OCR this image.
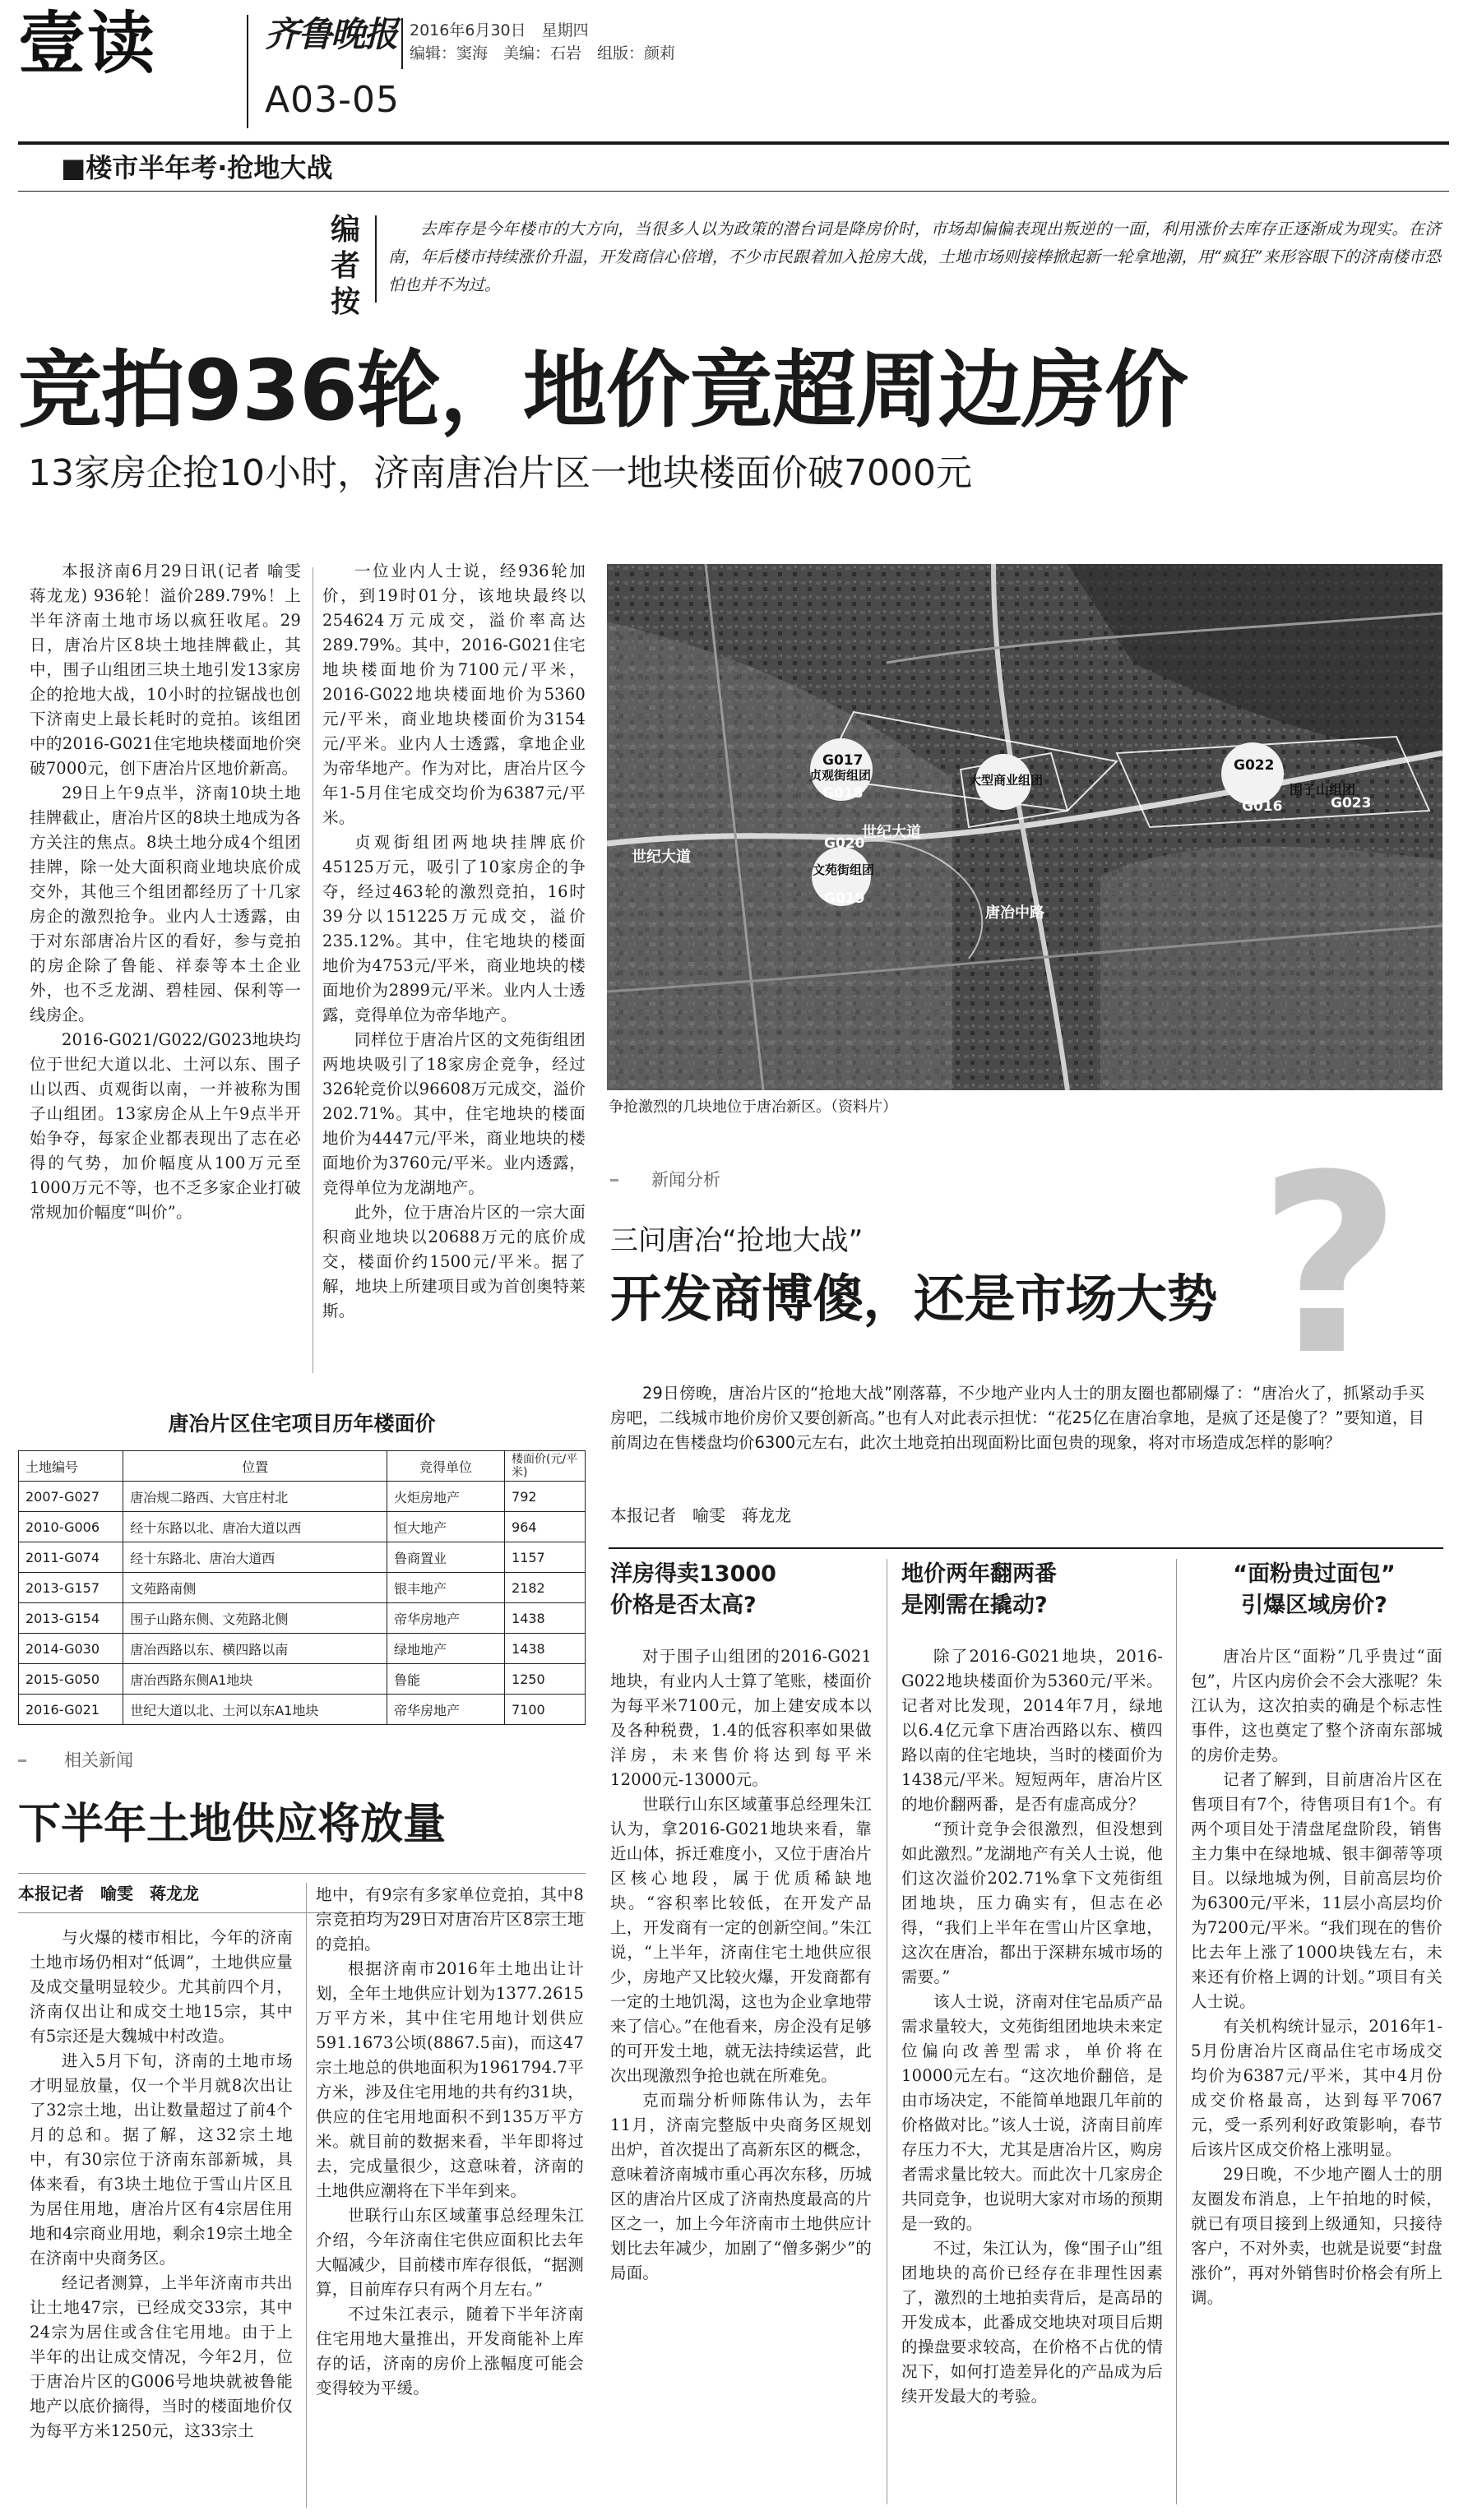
壹读	齐鲁晚报
A03-05
2016年6月30日　星期四
编辑：窦海　美编：石岩　组版：颜莉
■楼市半年考·抢地大战
编
者
按
去库存是今年楼市的大方向，当很多人以为政策的潜台词是降房价时，市场却偏偏表现出叛逆的一面，利用涨价去库存正逐渐成为现实。在济南，年后楼市持续涨价升温，开发商信心倍增，不少市民跟着加入抢房大战，土地市场则接棒掀起新一轮拿地潮，用“疯狂”来形容眼下的济南楼市恐怕也并不为过。
竞拍936轮，地价竟超周边房价
13家房企抢10小时，济南唐冶片区一地块楼面价破7000元

本报济南6月29日讯(记者 喻雯 蒋龙龙) 936轮！溢价289.79%！上半年济南土地市场以疯狂收尾。29日，唐冶片区8块土地挂牌截止，其中，围子山组团三块土地引发13家房企的抢地大战，10小时的拉锯战也创下济南史上最长耗时的竞拍。该组团中的2016-G021住宅地块楼面地价突破7000元，创下唐冶片区地价新高。

29日上午9点半，济南10块土地挂牌截止，唐冶片区的8块土地成为各方关注的焦点。8块土地分成4个组团挂牌，除一处大面积商业地块底价成交外，其他三个组团都经历了十几家房企的激烈抢争。业内人士透露，由于对东部唐冶片区的看好，参与竞拍的房企除了鲁能、祥泰等本土企业外，也不乏龙湖、碧桂园、保利等一线房企。

2016-G021/G022/G023地块均位于世纪大道以北、土河以东、围子山以西、贞观街以南，一并被称为围子山组团。13家房企从上午9点半开始争夺，每家企业都表现出了志在必得的气势，加价幅度从100万元至1000万元不等，也不乏多家企业打破常规加价幅度“叫价”。

一位业内人士说，经936轮加价，到19时01分，该地块最终以254624万元成交，溢价率高达289.79%。其中，2016-G021住宅地块楼面地价为7100元/平米，2016-G022地块楼面地价为5360元/平米，商业地块楼面价为3154元/平米。业内人士透露，拿地企业为帝华地产。作为对比，唐冶片区今年1-5月住宅成交均价为6387元/平米。

贞观街组团两地块挂牌底价45125万元，吸引了10家房企的争夺，经过463轮的激烈竞拍，16时39分以151225万元成交，溢价235.12%。其中，住宅地块的楼面地价为4753元/平米，商业地块的楼面地价为2899元/平米。业内人士透露，竞得单位为帝华地产。

同样位于唐冶片区的文苑街组团两地块吸引了18家房企竞争，经过326轮竞价以96608万元成交，溢价202.71%。其中，住宅地块的楼面地价为4447元/平米，商业地块的楼面地价为3760元/平米。业内透露，竞得单位为龙湖地产。

此外，位于唐冶片区的一宗大面积商业地块以20688万元的底价成交，楼面价约1500元/平米。据了解，地块上所建项目或为首创奥特莱斯。

G017
G018
G022
G023
G016
G020
G019
世纪大道
唐冶中路
文苑街组团
大型商业组团
围子山组团
贞观街组团
世纪大道
争抢激烈的几块地位于唐冶新区。（资料片）
新闻分析 ?
三问唐冶“抢地大战”
开发商博傻，还是市场大势
29日傍晚，唐冶片区的“抢地大战”刚落幕，不少地产业内人士的朋友圈也都刷爆了：“唐冶火了，抓紧动手买房吧，二线城市地价房价又要创新高。”也有人对此表示担忧：“花25亿在唐冶拿地，是疯了还是傻了？”要知道，目前周边在售楼盘均价6300元左右，此次土地竞拍出现面粉比面包贵的现象，将对市场造成怎样的影响？
本报记者　喻雯　蒋龙龙
洋房得卖13000
价格是否太高?

对于围子山组团的2016-G021地块，有业内人士算了笔账，楼面价为每平米7100元，加上建安成本以及各种税费，1.4的低容积率如果做洋房，未来售价将达到每平米12000元-13000元。

世联行山东区域董事总经理朱江认为，拿2016-G021地块来看，靠近山体，拆迁难度小，又位于唐冶片区核心地段，属于优质稀缺地块。“容积率比较低，在开发产品上，开发商有一定的创新空间。”朱江说，“上半年，济南住宅土地供应很少，房地产又比较火爆，开发商都有一定的土地饥渴，这也为企业拿地带来了信心。”在他看来，房企没有足够的可开发土地，就无法持续运营，此次出现激烈争抢也就在所难免。

克而瑞分析师陈伟认为，去年11月，济南完整版中央商务区规划出炉，首次提出了高新东区的概念，意味着济南城市重心再次东移，历城区的唐冶片区成了济南热度最高的片区之一，加上今年济南市土地供应计划比去年减少，加剧了“僧多粥少”的局面。

地价两年翻两番
是刚需在撬动?

除了2016-G021地块，2016-G022地块楼面价为5360元/平米。记者对比发现，2014年7月，绿地以6.4亿元拿下唐冶西路以东、横四路以南的住宅地块，当时的楼面价为1438元/平米。短短两年，唐冶片区的地价翻两番，是否有虚高成分？

“预计竞争会很激烈，但没想到如此激烈。”龙湖地产有关人士说，他们这次溢价202.71%拿下文苑街组团地块，压力确实有，但志在必得，“我们上半年在雪山片区拿地，这次在唐冶，都出于深耕东城市场的需要。”

该人士说，济南对住宅品质产品需求量较大，文苑街组团地块未来定位偏向改善型需求，单价将在10000元左右。“这次地价翻倍，是由市场决定，不能简单地跟几年前的价格做对比。”该人士说，济南目前库存压力不大，尤其是唐冶片区，购房者需求量比较大。而此次十几家房企共同竞争，也说明大家对市场的预期是一致的。

不过，朱江认为，像“围子山”组团地块的高价已经存在非理性因素了，激烈的土地拍卖背后，是高昂的开发成本，此番成交地块对项目后期的操盘要求较高，在价格不占优的情况下，如何打造差异化的产品成为后续开发最大的考验。

“面粉贵过面包”
引爆区域房价?

唐冶片区“面粉”几乎贵过“面包”，片区内房价会不会大涨呢？朱江认为，这次拍卖的确是个标志性事件，这也奠定了整个济南东部城的房价走势。

记者了解到，目前唐冶片区在售项目有7个，待售项目有1个。有两个项目处于清盘尾盘阶段，销售主力集中在绿地城、银丰御蒂等项目。以绿地城为例，目前高层均价为6300元/平米，11层小高层均价为7200元/平米。“我们现在的售价比去年上涨了1000块钱左右，未来还有价格上调的计划。”项目有关人士说。

有关机构统计显示，2016年1-5月份唐冶片区商品住宅市场成交均价为6387元/平米，其中4月份成交价格最高，达到每平7067元，受一系列利好政策影响，春节后该片区成交价格上涨明显。

29日晚，不少地产圈人士的朋友圈发布消息，上午拍地的时候，就已有项目接到上级通知，只接待客户，不对外卖，也就是说要“封盘涨价”，再对外销售时价格会有所上调。

唐冶片区住宅项目历年楼面价
土地编号	位置	竞得单位	楼面价(元/平米)
2007-G027	唐冶规二路西、大官庄村北	火炬房地产	792
2010-G006	经十东路以北、唐冶大道以西	恒大地产	964
2011-G074	经十东路北、唐冶大道西	鲁商置业	1157
2013-G157	文苑路南侧	银丰地产	2182
2013-G154	围子山路东侧、文苑路北侧	帝华房地产	1438
2014-G030	唐冶西路以东、横四路以南	绿地地产	1438
2015-G050	唐冶西路东侧A1地块	鲁能	1250
2016-G021	世纪大道以北、土河以东A1地块	帝华房地产	7100
相关新闻
下半年土地供应将放量
本报记者　喻雯　蒋龙龙

与火爆的楼市相比，今年的济南土地市场仍相对“低调”，土地供应量及成交量明显较少。尤其前四个月，济南仅出让和成交土地15宗，其中有5宗还是大魏城中村改造。

进入5月下旬，济南的土地市场才明显放量，仅一个半月就8次出让了32宗土地，出让数量超过了前4个月的总和。据了解，这32宗土地中，有30宗位于济南东部新城，具体来看，有3块土地位于雪山片区且为居住用地，唐冶片区有4宗居住用地和4宗商业用地，剩余19宗土地全在济南中央商务区。

经记者测算，上半年济南市共出让土地47宗，已经成交33宗，其中24宗为居住或含住宅用地。由于上半年的出让成交情况，今年2月，位于唐冶片区的G006号地块就被鲁能地产以底价摘得，当时的楼面地价仅为每平方米1250元，这33宗土

地中，有9宗有多家单位竞拍，其中8宗竞拍均为29日对唐冶片区8宗土地的竞拍。

根据济南市2016年土地出让计划，全年土地供应计划为1377.2615万平方米，其中住宅用地计划供应591.1673公顷(8867.5亩)，而这47宗土地总的供地面积为1961794.7平方米，涉及住宅用地的共有约31块，供应的住宅用地面积不到135万平方米。就目前的数据来看，半年即将过去，完成量很少，这意味着，济南的土地供应潮将在下半年到来。

世联行山东区域董事总经理朱江介绍，今年济南住宅供应面积比去年大幅减少，目前楼市库存很低，“据测算，目前库存只有两个月左右。”

不过朱江表示，随着下半年济南住宅用地大量推出，开发商能补上库存的话，济南的房价上涨幅度可能会变得较为平缓。
